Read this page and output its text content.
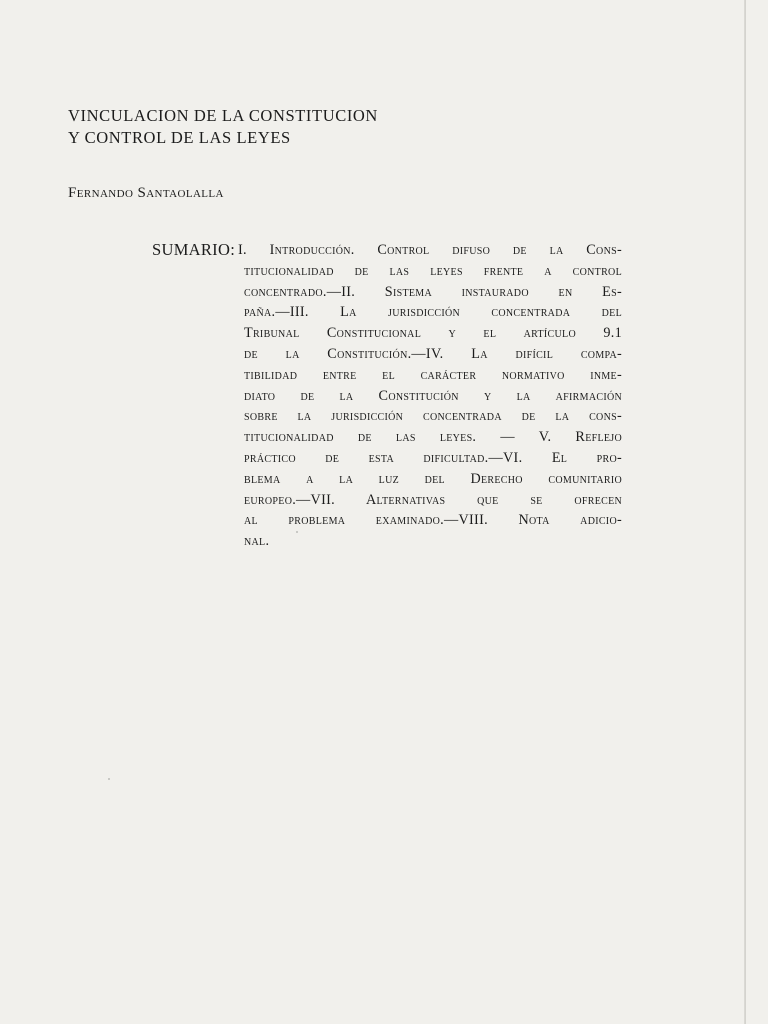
VINCULACION DE LA CONSTITUCION
Y CONTROL DE LAS LEYES
Fernando Santaolalla
SUMARIO: I. Introducción. Control difuso de la Cons-
titucionalidad de las leyes frente a control
concentrado.—II. Sistema instaurado en Es-
paña.—III. La jurisdicción concentrada del
Tribunal Constitucional y el artículo 9.1
de la Constitución.—IV. La difícil compa-
tibilidad entre el carácter normativo inme-
diato de la Constitución y la afirmación
sobre la jurisdicción concentrada de la cons-
titucionalidad de las leyes. — V. Reflejo
práctico de esta dificultad.—VI. El pro-
blema a la luz del Derecho comunitario
europeo.—VII. Alternativas que se ofrecen
al problema examinado.—VIII. Nota adicio-
nal.
